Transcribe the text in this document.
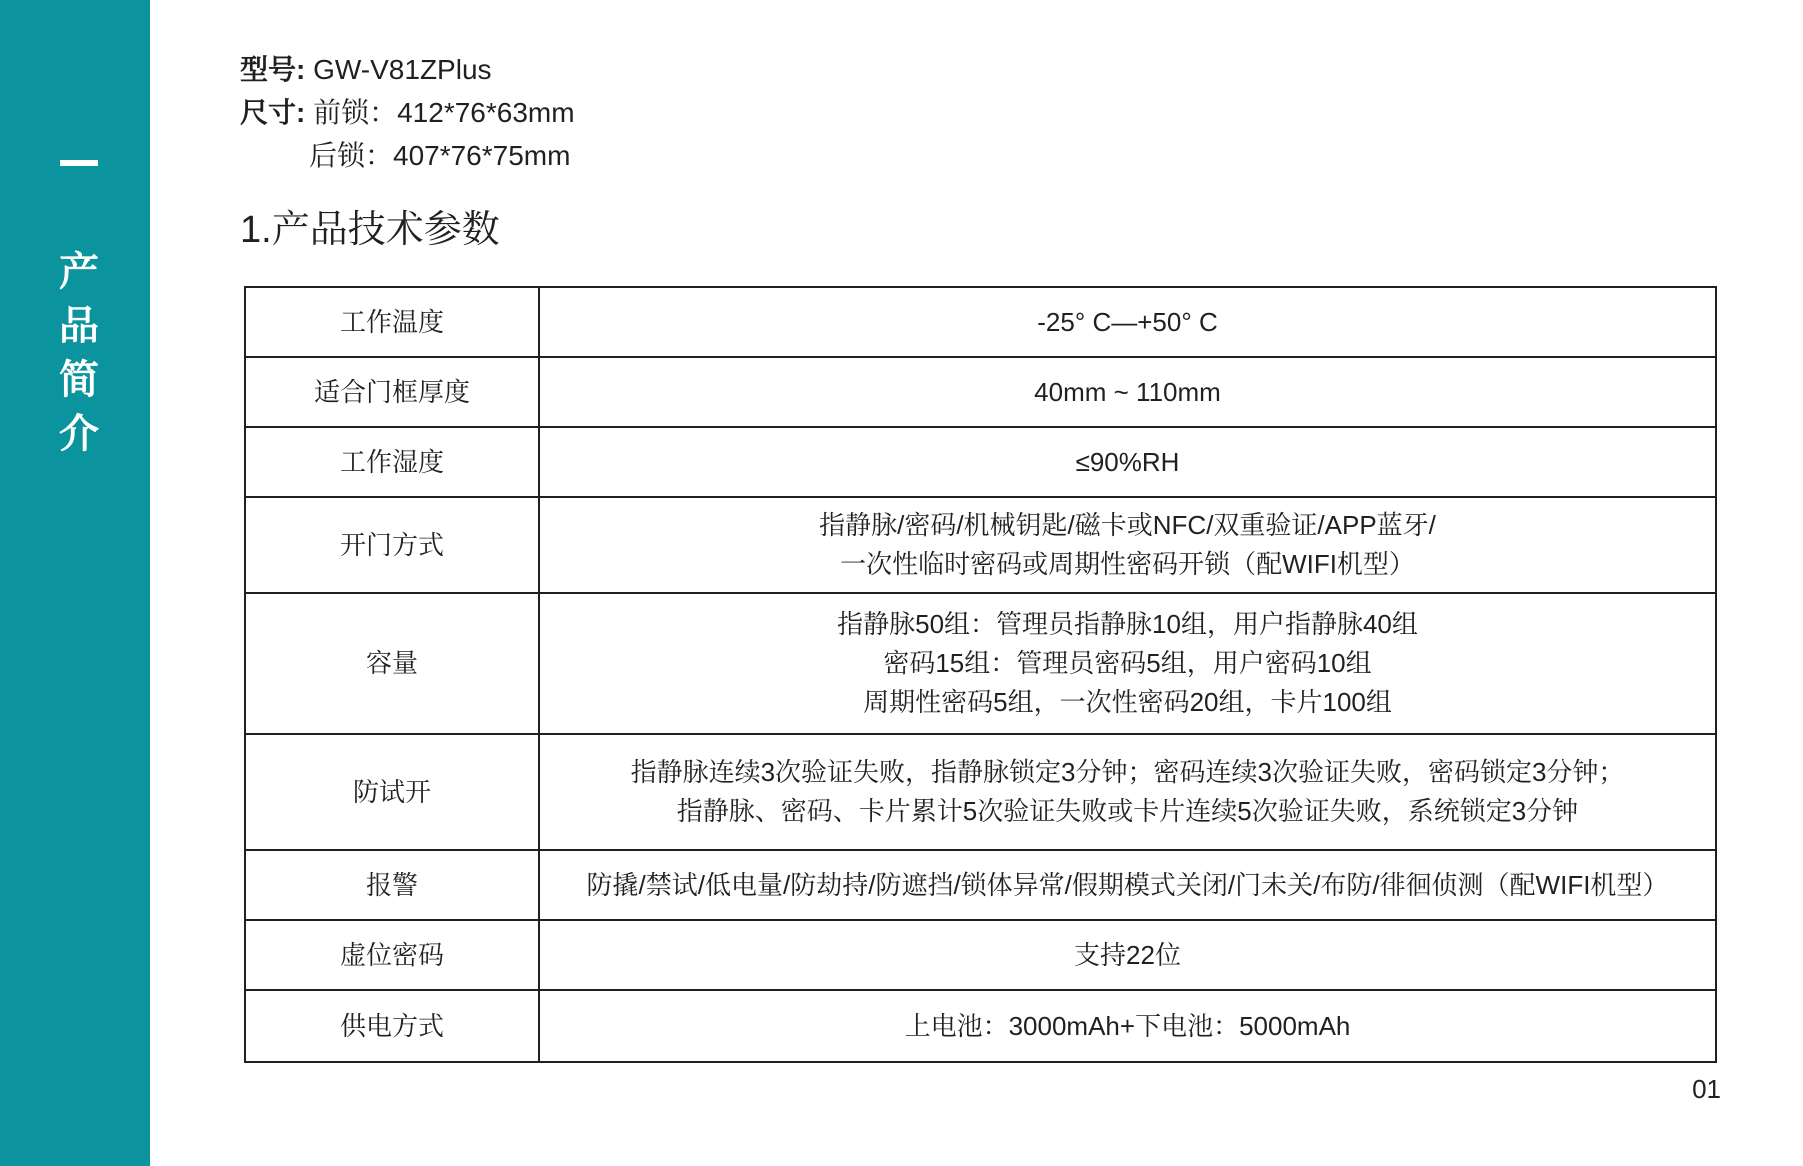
产品简介
型号: GW-V81ZPlus
尺寸: 前锁：412*76*63mm
后锁：407*76*75mm
1.产品技术参数
工作温度	-25° C—+50° C

适合门框厚度	40mm ~ 110mm

工作湿度	≤90%RH

开门方式	指静脉/密码/机械钥匙/磁卡或NFC/双重验证/APP蓝牙/
一次性临时密码或周期性密码开锁（配WIFI机型）

容量	指静脉50组：管理员指静脉10组，用户指静脉40组
密码15组：管理员密码5组，用户密码10组
周期性密码5组，一次性密码20组，卡片100组

防试开	指静脉连续3次验证失败，指静脉锁定3分钟；密码连续3次验证失败，密码锁定3分钟；
指静脉、密码、卡片累计5次验证失败或卡片连续5次验证失败，系统锁定3分钟

报警	防撬/禁试/低电量/防劫持/防遮挡/锁体异常/假期模式关闭/门未关/布防/徘徊侦测（配WIFI机型）

虚位密码	支持22位

供电方式	上电池：3000mAh+下电池：5000mAh
01
